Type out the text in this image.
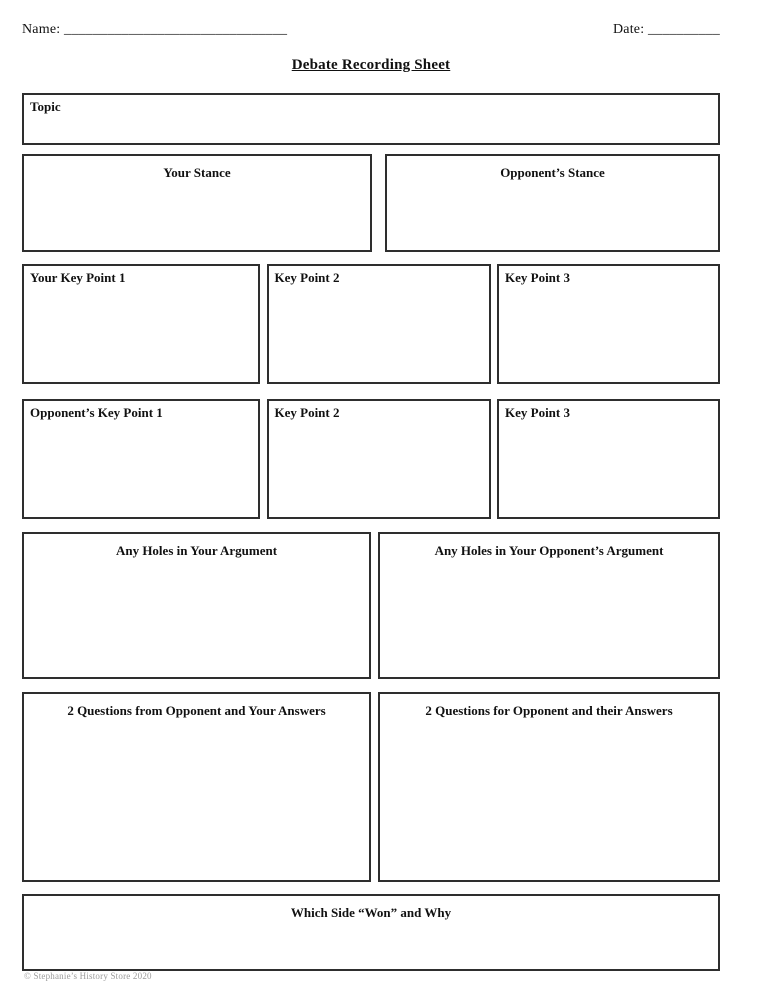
Name: _______________________________	Date: __________
Debate Recording Sheet
Topic
Your Stance	Opponent’s Stance
Your Key Point 1	Key Point 2	Key Point 3
Opponent’s Key Point 1	Key Point 2	Key Point 3
Any Holes in Your Argument	Any Holes in Your Opponent’s Argument
2 Questions from Opponent and Your Answers	2 Questions for Opponent and their Answers
Which Side “Won” and Why
© Stephanie’s History Store 2020
